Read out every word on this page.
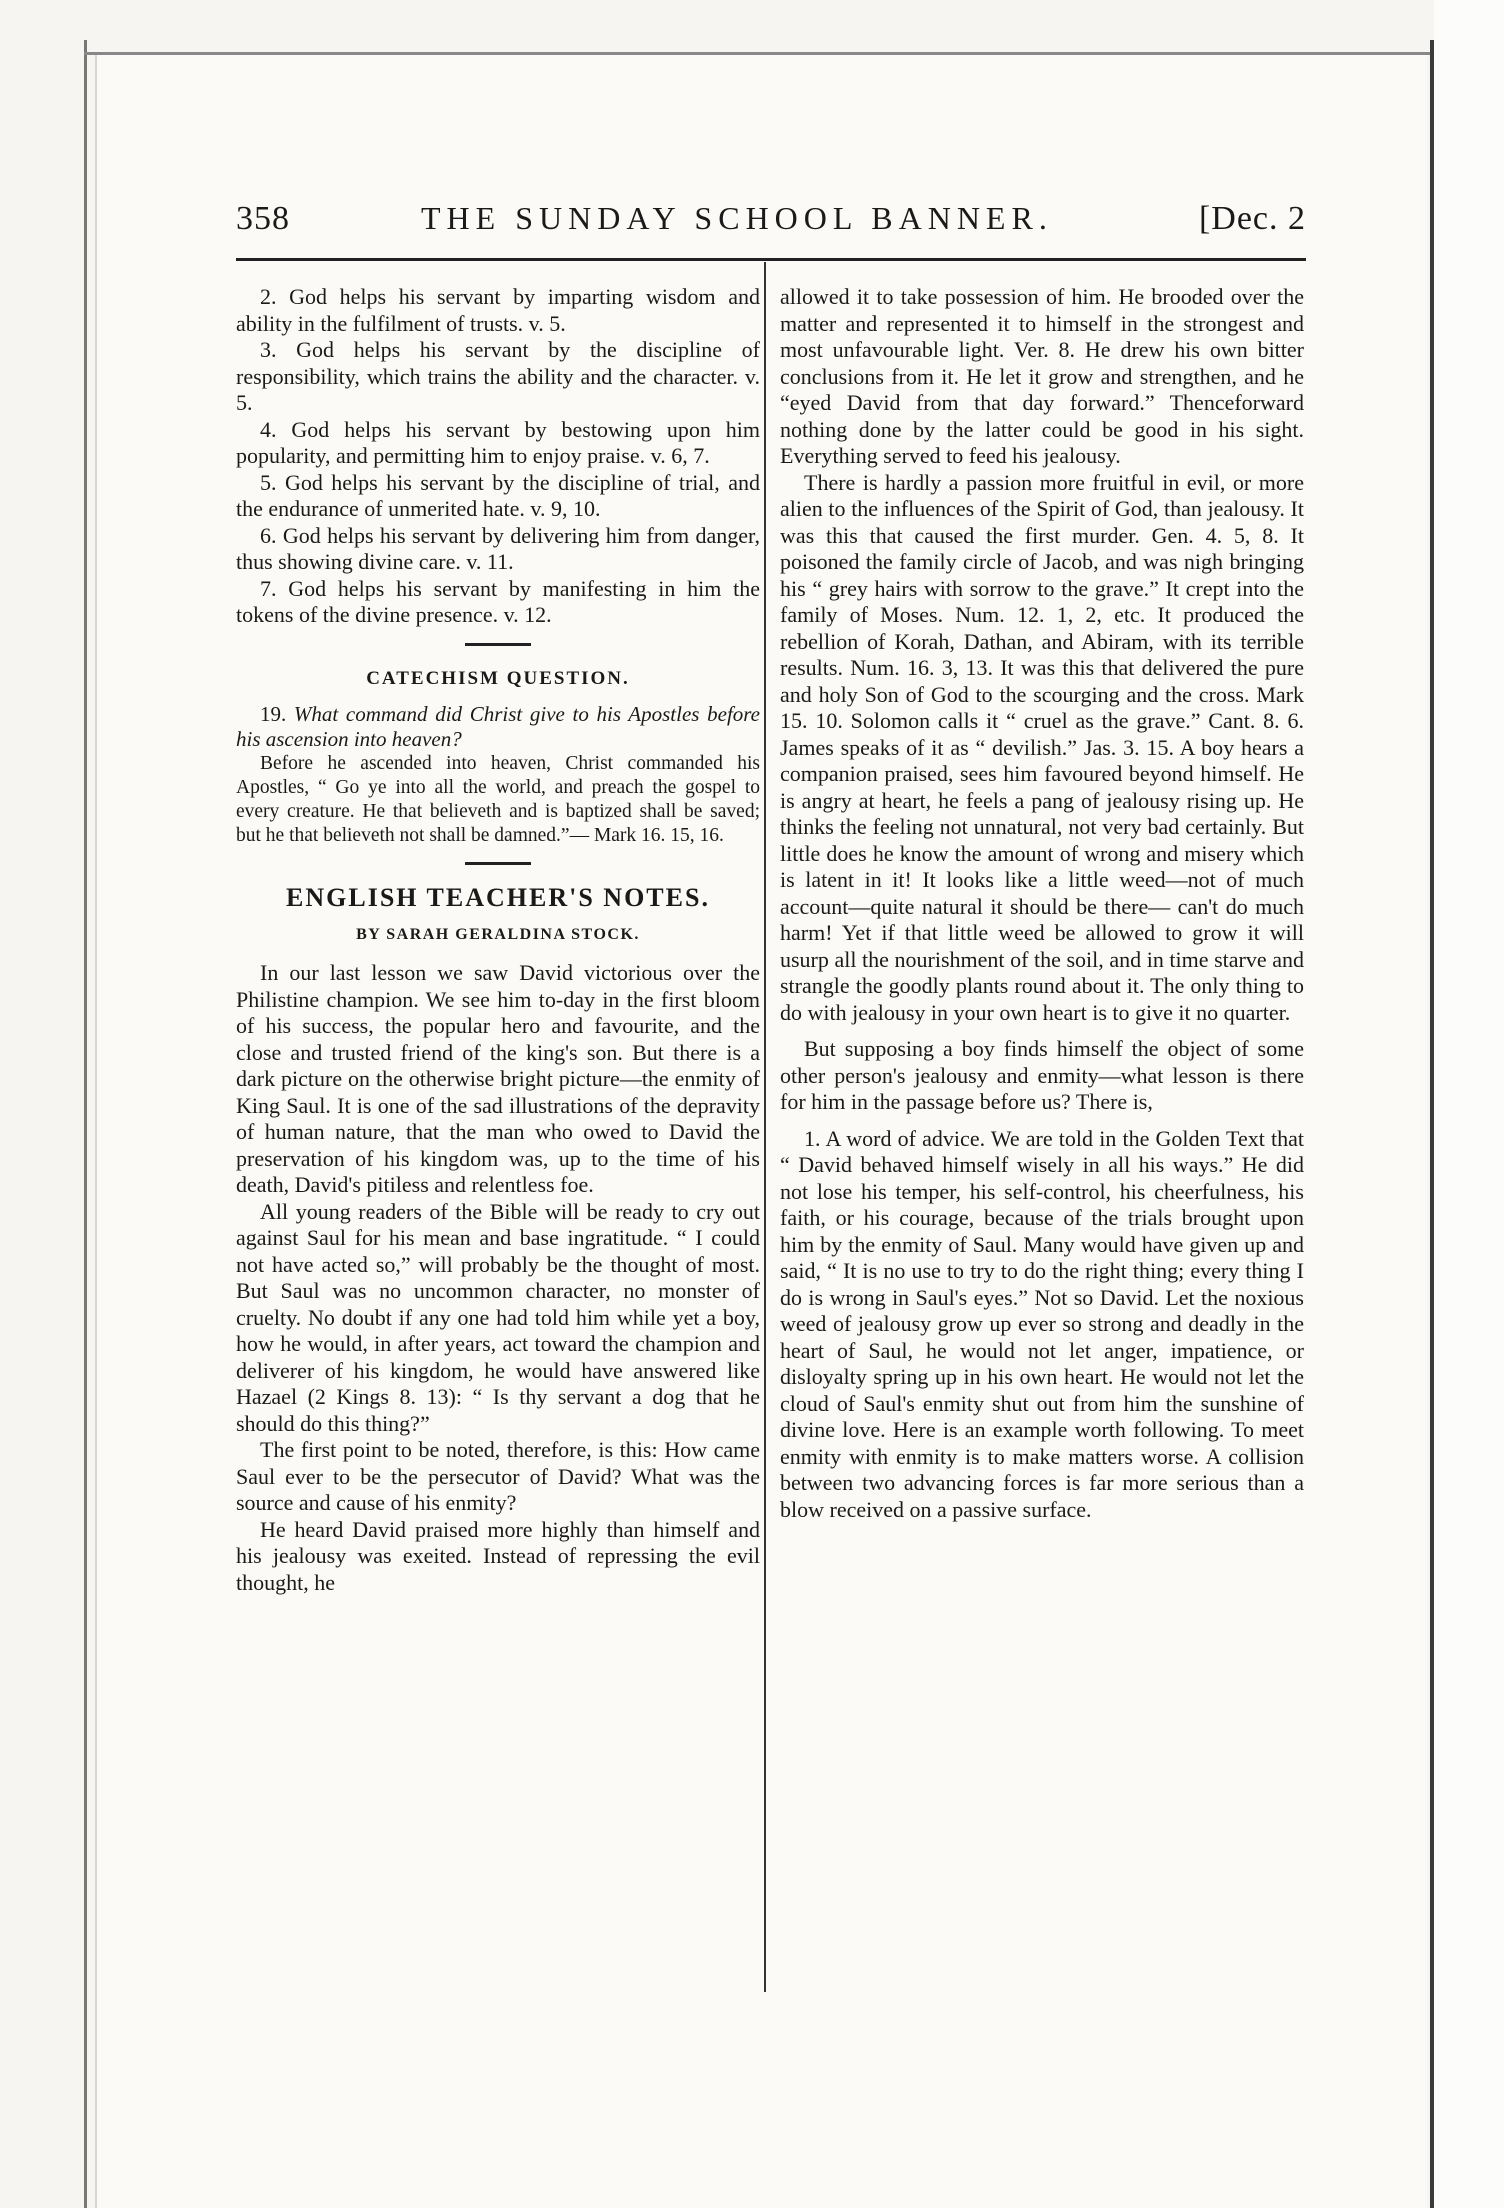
358	THE SUNDAY SCHOOL BANNER.	[Dec. 2

2. God helps his servant by imparting wisdom and ability in the fulfilment of trusts. v. 5.

3. God helps his servant by the discipline of responsibility, which trains the ability and the character. v. 5.

4. God helps his servant by bestowing upon him popularity, and permitting him to enjoy praise. v. 6, 7.

5. God helps his servant by the discipline of trial, and the endurance of unmerited hate. v. 9, 10.

6. God helps his servant by delivering him from danger, thus showing divine care. v. 11.

7. God helps his servant by manifesting in him the tokens of the divine presence. v. 12.

CATECHISM QUESTION.

19. What command did Christ give to his Apostles before his ascension into heaven?

Before he ascended into heaven, Christ commanded his Apostles, “ Go ye into all the world, and preach the gospel to every creature. He that believeth and is baptized shall be saved; but he that believeth not shall be damned.”— Mark 16. 15, 16.

ENGLISH TEACHER'S NOTES.
BY SARAH GERALDINA STOCK.

In our last lesson we saw David victorious over the Philistine champion. We see him to-day in the first bloom of his success, the popular hero and favourite, and the close and trusted friend of the king's son. But there is a dark picture on the otherwise bright picture—the enmity of King Saul. It is one of the sad illustrations of the depravity of human nature, that the man who owed to David the preservation of his kingdom was, up to the time of his death, David's pitiless and relentless foe.

All young readers of the Bible will be ready to cry out against Saul for his mean and base ingratitude. “ I could not have acted so,” will probably be the thought of most. But Saul was no uncommon character, no monster of cruelty. No doubt if any one had told him while yet a boy, how he would, in after years, act toward the champion and deliverer of his kingdom, he would have answered like Hazael (2 Kings 8. 13): “ Is thy servant a dog that he should do this thing?”

The first point to be noted, therefore, is this: How came Saul ever to be the persecutor of David? What was the source and cause of his enmity?

He heard David praised more highly than himself and his jealousy was exeited. Instead of repressing the evil thought, he

allowed it to take possession of him. He brooded over the matter and represented it to himself in the strongest and most unfavourable light. Ver. 8. He drew his own bitter conclusions from it. He let it grow and strengthen, and he “eyed David from that day forward.” Thenceforward nothing done by the latter could be good in his sight. Everything served to feed his jealousy.

There is hardly a passion more fruitful in evil, or more alien to the influences of the Spirit of God, than jealousy. It was this that caused the first murder. Gen. 4. 5, 8. It poisoned the family circle of Jacob, and was nigh bringing his “ grey hairs with sorrow to the grave.” It crept into the family of Moses. Num. 12. 1, 2, etc. It produced the rebellion of Korah, Dathan, and Abiram, with its terrible results. Num. 16. 3, 13. It was this that delivered the pure and holy Son of God to the scourging and the cross. Mark 15. 10. Solomon calls it “ cruel as the grave.” Cant. 8. 6. James speaks of it as “ devilish.” Jas. 3. 15. A boy hears a companion praised, sees him favoured beyond himself. He is angry at heart, he feels a pang of jealousy rising up. He thinks the feeling not unnatural, not very bad certainly. But little does he know the amount of wrong and misery which is latent in it! It looks like a little weed—not of much account—quite natural it should be there— can't do much harm! Yet if that little weed be allowed to grow it will usurp all the nourishment of the soil, and in time starve and strangle the goodly plants round about it. The only thing to do with jealousy in your own heart is to give it no quarter.

But supposing a boy finds himself the object of some other person's jealousy and enmity—what lesson is there for him in the passage before us? There is,

1. A word of advice. We are told in the Golden Text that “ David behaved himself wisely in all his ways.” He did not lose his temper, his self-control, his cheerfulness, his faith, or his courage, because of the trials brought upon him by the enmity of Saul. Many would have given up and said, “ It is no use to try to do the right thing; every thing I do is wrong in Saul's eyes.” Not so David. Let the noxious weed of jealousy grow up ever so strong and deadly in the heart of Saul, he would not let anger, impatience, or disloyalty spring up in his own heart. He would not let the cloud of Saul's enmity shut out from him the sunshine of divine love. Here is an example worth following. To meet enmity with enmity is to make matters worse. A collision between two advancing forces is far more serious than a blow received on a passive surface.
